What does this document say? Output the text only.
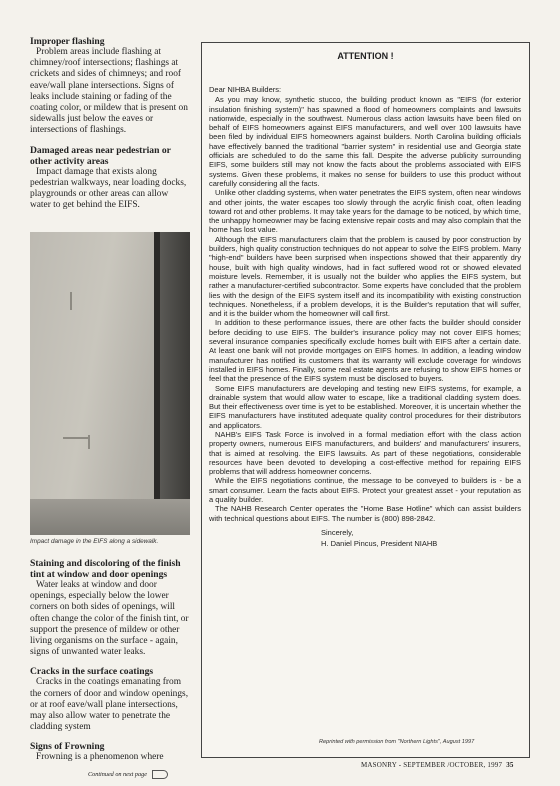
Improper flashing

Problem areas include flashing at chimney/roof intersections; flashings at crickets and sides of chimneys; and roof eave/wall plane intersections. Signs of leaks include staining or fading of the coating color, or mildew that is present on sidewalls just below the eaves or intersections of flashings.

Damaged areas near pedestrian or other activity areas

Impact damage that exists along pedestrian walkways, near loading docks, playgrounds or other areas can allow water to get behind the EIFS.

Impact damage in the EIFS along a sidewalk.

Staining and discoloring of the finish tint at window and door openings

Water leaks at window and door openings, especially below the lower corners on both sides of openings, will often change the color of the finish tint, or support the presence of mildew or other living organisms on the surface - again, signs of unwanted water leaks.

Cracks in the surface coatings

Cracks in the coatings emanating from the corners of door and window openings, or at roof eave/wall plane intersections, may also allow water to penetrate the cladding system

Signs of Frowning

Frowning is a phenomenon where

Continued on next page
ATTENTION !

Dear NIHBA Builders:

As you may know, synthetic stucco, the building product known as "EIFS (for exterior insulation finishing system)" has spawned a flood of homeowners complaints and lawsuits nationwide, especially in the southwest. Numerous class action lawsuits have been filed on behalf of EIFS homeowners against EIFS manufacturers, and well over 100 lawsuits have been filed by individual EIFS homeowners against builders. North Carolina building officials have effectively banned the traditional "barrier system" in residential use and Georgia state officials are scheduled to do the same this fall. Despite the adverse publicity surrounding EIFS, some builders still may not know the facts about the problems associated with EIFS systems. Given these problems, it makes no sense for builders to use this product without carefully considering all the facts.

Unlike other cladding systems, when water penetrates the EIFS system, often near windows and other joints, the water escapes too slowly through the acrylic finish coat, often leading toward rot and other problems. It may take years for the damage to be noticed, by which time, the unhappy homeowner may be facing extensive repair costs and may also complain that the home has lost value.

Although the EIFS manufacturers claim that the problem is caused by poor construction by builders, high quality construction techniques do not appear to solve the EIFS problem. Many "high-end" builders have been surprised when inspections showed that their apparently dry house, built with high quality windows, had in fact suffered wood rot or showed elevated moisture levels. Remember, it is usually not the builder who applies the EIFS system, but rather a manufacturer-certified subcontractor. Some experts have concluded that the problem lies with the design of the EIFS system itself and its incompatibility with existing construction techniques. Nonetheless, if a problem develops, it is the Builder's reputation that will suffer, and it is the builder whom the homeowner will call first.

In addition to these performance issues, there are other facts the builder should consider before deciding to use EIFS. The builder's insurance policy may not cover EIFS homes; several insurance companies specifically exclude homes built with EIFS after a certain date. At least one bank will not provide mortgages on EIFS homes. In addition, a leading window manufacturer has notified its customers that its warranty will exclude coverage for windows installed in EIFS homes. Finally, some real estate agents are refusing to show EIFS homes or feel that the presence of the EIFS system must be disclosed to buyers.

Some EIFS manufacturers are developing and testing new EIFS systems, for example, a drainable system that would allow water to escape, like a traditional cladding system does. But their effectiveness over time is yet to be established. Moreover, it is uncertain whether the EIFS manufacturers have instituted adequate quality control procedures for their distributors and applicators.

NAHB's EIFS Task Force is involved in a formal mediation effort with the class action property owners, numerous EIFS manufacturers, and builders' and manufacturers' insurers, that is aimed at resolving. the EIFS lawsuits. As part of these negotiations, considerable resources have been devoted to developing a cost-effective method for repairing EIFS problems that will address homeowner concerns.

While the EIFS negotiations continue, the message to be conveyed to builders is - be a smart consumer. Learn the facts about EIFS. Protect your greatest asset - your reputation as a quality builder.

The NAHB Research Center operates the "Home Base Hotline" which can assist builders with technical questions about EIFS. The number is (800) 898-2842.

Sincerely,
H. Daniel Pincus, President NIAHB
Reprinted with permission from "Northern Lights", August 1997
MASONRY - SEPTEMBER /OCTOBER, 1997 35
